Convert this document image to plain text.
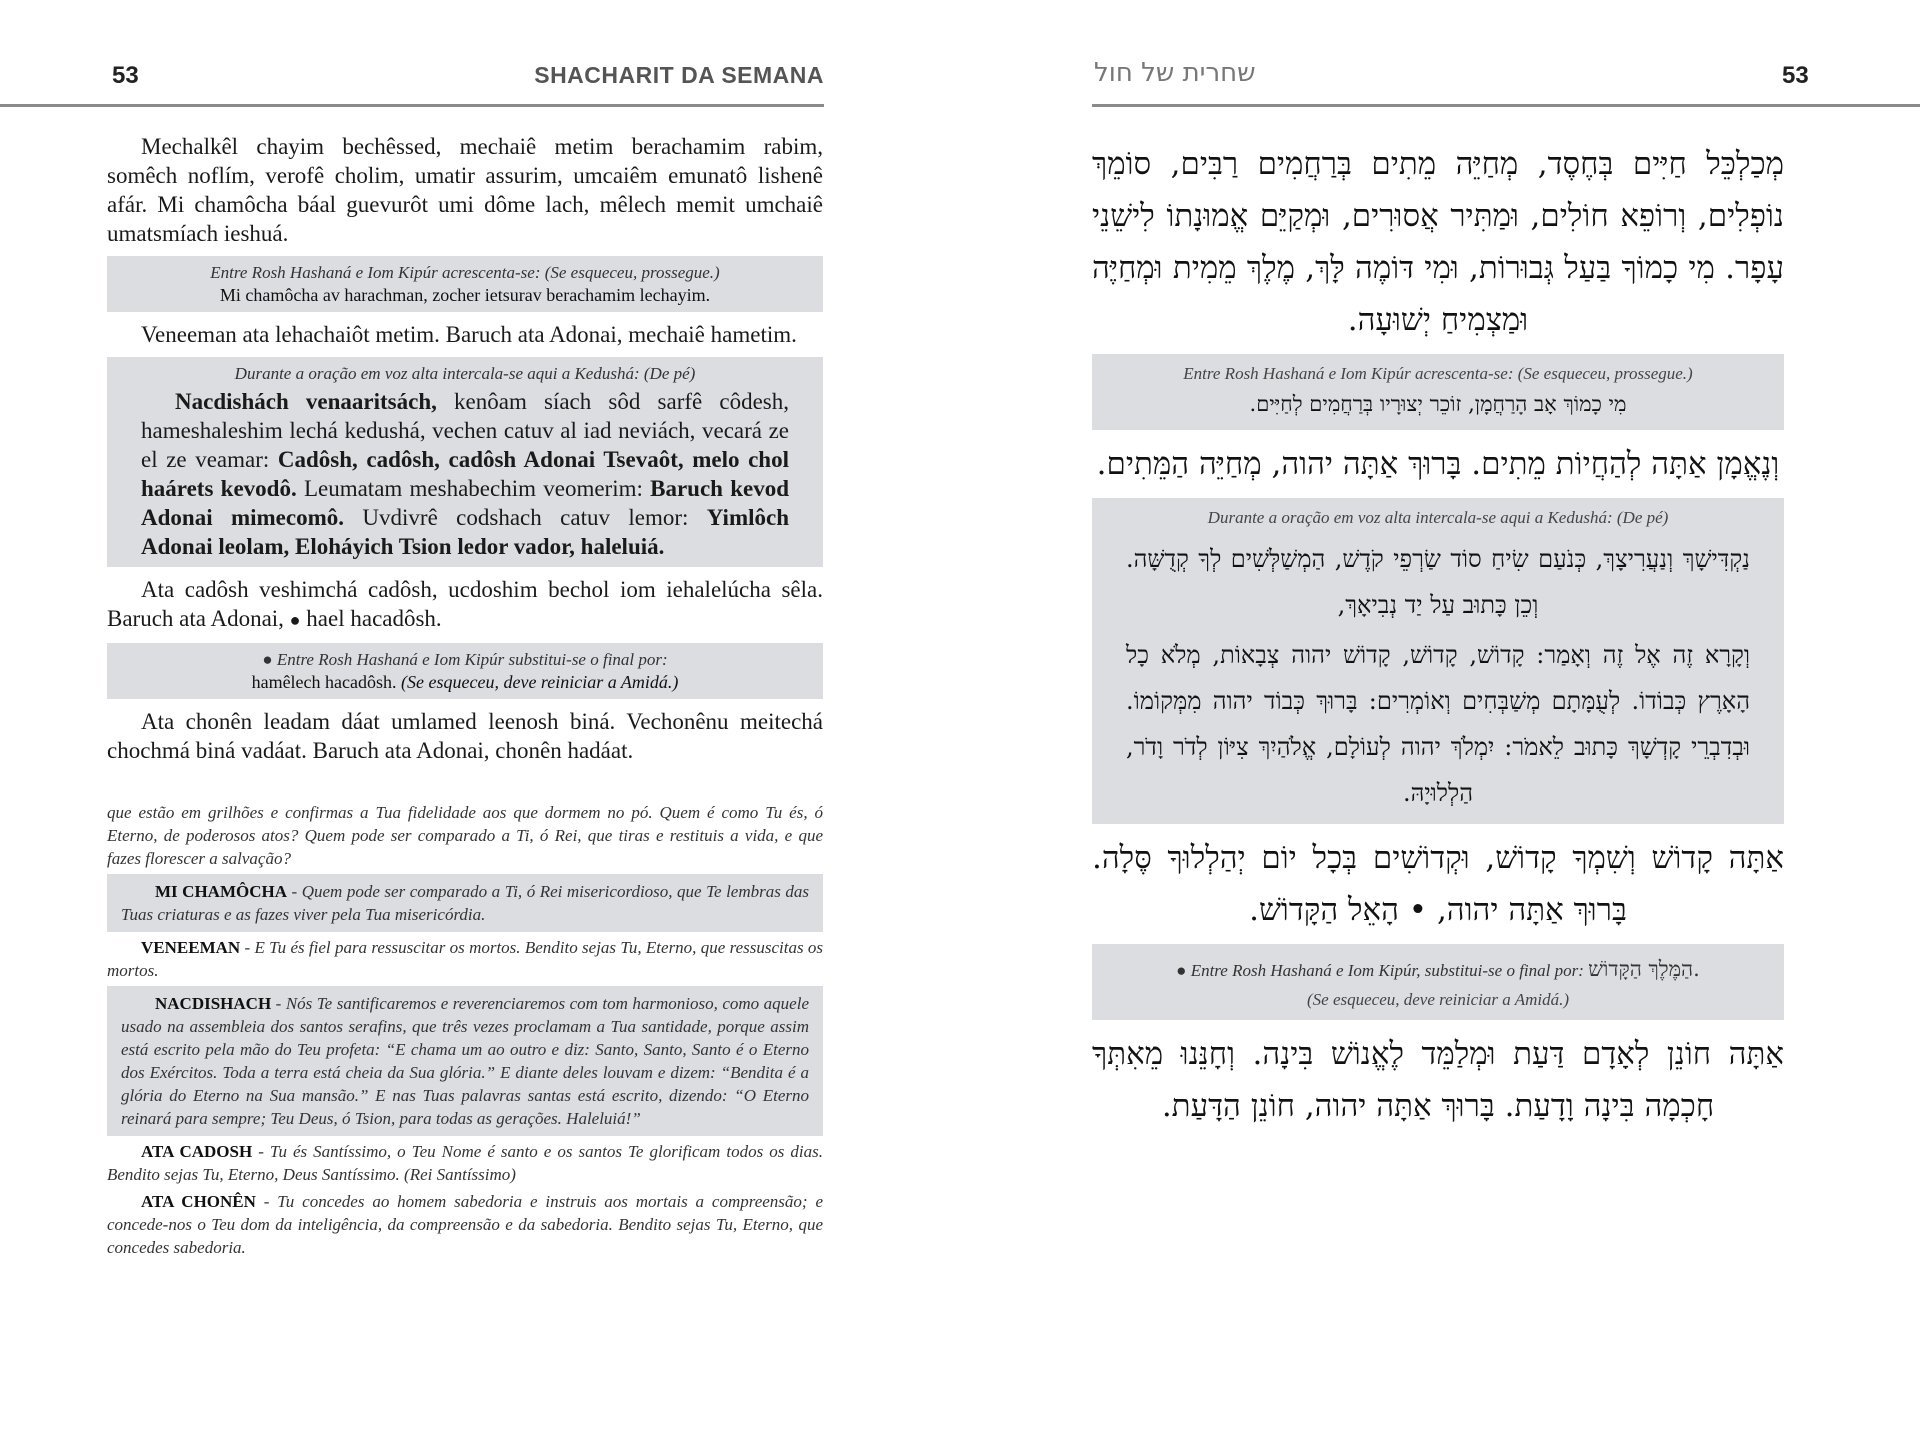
53	SHACHARIT DA SEMANA	שחרית של חול	53
Mechalkêl chayim bechêssed, mechaiê metim berachamim rabim, somêch noflím, verofê cholim, umatir assurim, umcaiêm emunatô lishenê afár. Mi chamôcha báal guevurôt umi dôme lach, mêlech memit umchaiê umatsmíach ieshuá.
Entre Rosh Hashaná e Iom Kipúr acrescenta-se: (Se esqueceu, prossegue.)
Mi chamôcha av harachman, zocher ietsurav berachamim lechayim.
Veneeman ata lehachaiôt metim. Baruch ata Adonai, mechaiê hametim.
Durante a oração em voz alta intercala-se aqui a Kedushá: (De pé)
Nacdishách venaaritsách, kenôam síach sôd sarfê côdesh, hameshaleshim lechá kedushá, vechen catuv al iad neviách, vecará ze el ze veamar: Cadôsh, cadôsh, cadôsh Adonai Tsevaôt, melo chol haárets kevodô. Leumatam meshabechim veomerim: Baruch kevod Adonai mimecomô. Uvdivrê codshach catuv lemor: Yimlôch Adonai leolam, Eloháyich Tsion ledor vador, haleluiá.
Ata cadôsh veshimchá cadôsh, ucdoshim bechol iom iehalelúcha sêla. Baruch ata Adonai, ● hael hacadôsh.
● Entre Rosh Hashaná e Iom Kipúr substitui-se o final por:
hamêlech hacadôsh. (Se esqueceu, deve reiniciar a Amidá.)
Ata chonên leadam dáat umlamed leenosh biná. Vechonênu meitechá chochmá biná vadáat. Baruch ata Adonai, chonên hadáat.
que estão em grilhões e confirmas a Tua fidelidade aos que dormem no pó. Quem é como Tu és, ó Eterno, de poderosos atos? Quem pode ser comparado a Ti, ó Rei, que tiras e restituis a vida, e que fazes florescer a salvação?
MI CHAMÔCHA - Quem pode ser comparado a Ti, ó Rei misericordioso, que Te lembras das Tuas criaturas e as fazes viver pela Tua misericórdia.
VENEEMAN - E Tu és fiel para ressuscitar os mortos. Bendito sejas Tu, Eterno, que ressuscitas os mortos.
NACDISHACH - Nós Te santificaremos e reverenciaremos com tom harmonioso, como aquele usado na assembleia dos santos serafins, que três vezes proclamam a Tua santidade, porque assim está escrito pela mão do Teu profeta: “E chama um ao outro e diz: Santo, Santo, Santo é o Eterno dos Exércitos. Toda a terra está cheia da Sua glória.” E diante deles louvam e dizem: “Bendita é a glória do Eterno na Sua mansão.” E nas Tuas palavras santas está escrito, dizendo: “O Eterno reinará para sempre; Teu Deus, ó Tsion, para todas as gerações. Haleluiá!”
ATA CADOSH - Tu és Santíssimo, o Teu Nome é santo e os santos Te glorificam todos os dias. Bendito sejas Tu, Eterno, Deus Santíssimo. (Rei Santíssimo)
ATA CHONÊN - Tu concedes ao homem sabedoria e instruis aos mortais a compreensão; e concede-nos o Teu dom da inteligência, da compreensão e da sabedoria. Bendito sejas Tu, Eterno, que concedes sabedoria.
מְכַלְכֵּל חַיִּים בְּחֶסֶד, מְחַיֵּה מֵתִים בְּרַחֲמִים רַבִּים, סוֹמֵךְ נוֹפְלִים, וְרוֹפֵא חוֹלִים, וּמַתִּיר אֲסוּרִים, וּמְקַיֵּם אֱמוּנָתוֹ לִישֵׁנֵי עָפָר. מִי כָמוֹךָ בַּעַל גְּבוּרוֹת, וּמִי דּוֹמֶה לָּךְ, מֶלֶךְ מֵמִית וּמְחַיֶּה וּמַצְמִיחַ יְשׁוּעָה.
Entre Rosh Hashaná e Iom Kipúr acrescenta-se: (Se esqueceu, prossegue.)
מִי כָמוֹךְ אָב הָרַחֲמָן, זוֹכֵר יְצוּרָיו בְּרַחֲמִים לְחַיִּים.
וְנֶאֱמָן אַתָּה לְהַחֲיוֹת מֵתִים. בָּרוּךְ אַתָּה יהוה, מְחַיֵּה הַמֵּתִים.
Durante a oração em voz alta intercala-se aqui a Kedushá: (De pé)
נַקְדִּישָׁךְ וְנַעֲרִיצָךְ, כְּנֹעַם שִׂיחַ סוֹד שַׂרְפֵי קֹדֶשׁ, הַמְשַׁלְּשִׁים לְךָ קְדֻשָּׁה. וְכֵן כָּתוּב עַל יַד נְבִיאָךְ,
וְקָרָא זֶה אֶל זֶה וְאָמַר: קָדוֹשׁ, קָדוֹשׁ, קָדוֹשׁ יהוה צְבָאוֹת, מְלֹא כָל הָאָרֶץ כְּבוֹדוֹ. לְעֻמָּתָם מְשַׁבְּחִים וְאוֹמְרִים: בָּרוּךְ כְּבוֹד יהוה מִמְּקוֹמוֹ. וּבְדִבְרֵי קָדְשָׁךְ כָּתוּב לֵאמֹר: יִמְלֹךְ יהוה לְעוֹלָם, אֱלֹהַיִךְ צִיּוֹן לְדֹר וָדֹר, הַלְלוּיָהּ.
אַתָּה קָדוֹשׁ וְשִׁמְךָ קָדוֹשׁ, וּקְדוֹשִׁים בְּכָל יוֹם יְהַלְלוּךָ סֶּלָה. בָּרוּךְ אַתָּה יהוה, • הָאֵל הַקָּדוֹשׁ.
● Entre Rosh Hashaná e Iom Kipúr, substitui-se o final por: הַמֶּלֶךְ הַקָּדוֹשׁ.
(Se esqueceu, deve reiniciar a Amidá.)
אַתָּה חוֹנֵן לְאָדָם דַּעַת וּמְלַמֵּד לֶאֱנוֹשׁ בִּינָה. וְחָנֵּנוּ מֵאִתְּךָ חָכְמָה בִּינָה וָדָעַת. בָּרוּךְ אַתָּה יהוה, חוֹנֵן הַדָּעַת.
